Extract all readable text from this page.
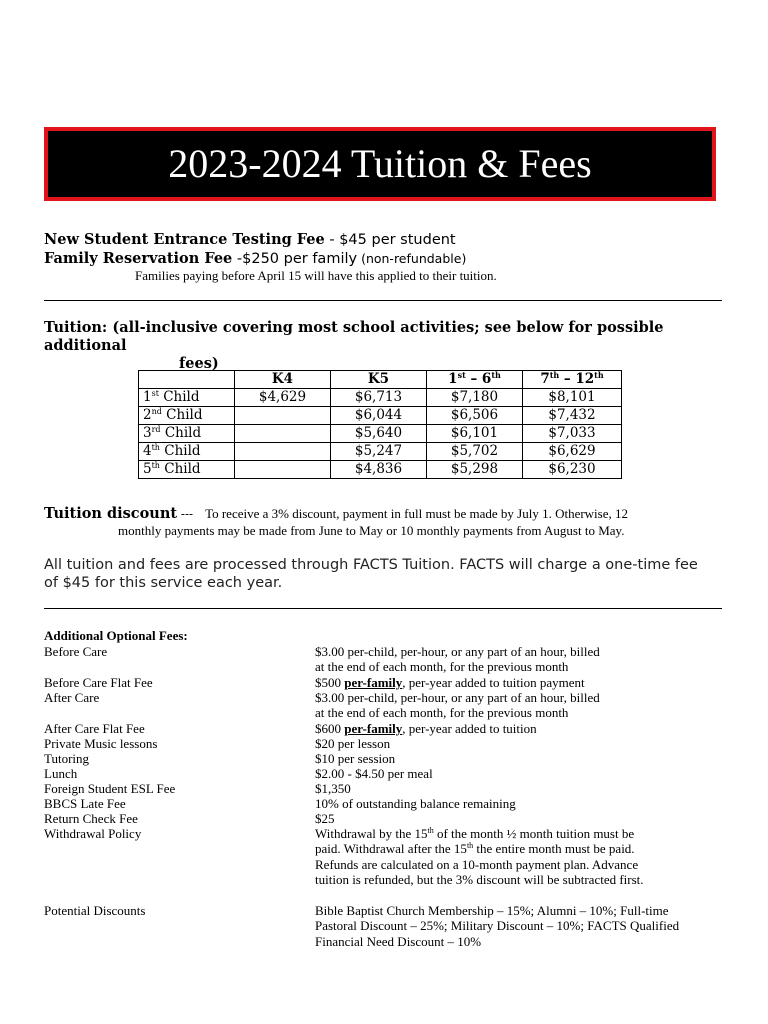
2023-2024 Tuition & Fees
New Student Entrance Testing Fee - $45 per student
Family Reservation Fee -$250 per family (non-refundable)
Families paying before April 15 will have this applied to their tuition.
Tuition: (all-inclusive covering most school activities; see below for possible additional
fees)
	K4	K5	1st – 6th	7th – 12th
1st Child	$4,629	$6,713	$7,180	$8,101
2nd Child		$6,044	$6,506	$7,432
3rd Child		$5,640	$6,101	$7,033
4th Child		$5,247	$5,702	$6,629
5th Child		$4,836	$5,298	$6,230
Tuition discount --- To receive a 3% discount, payment in full must be made by July 1. Otherwise, 12
monthly payments may be made from June to May or 10 monthly payments from August to May.
All tuition and fees are processed through FACTS Tuition. FACTS will charge a one-time fee
of $45 for this service each year.
Additional Optional Fees:
Before Care	$3.00 per-child, per-hour, or any part of an hour, billed
at the end of each month, for the previous month
Before Care Flat Fee	$500 per-family, per-year added to tuition payment
After Care	$3.00 per-child, per-hour, or any part of an hour, billed
at the end of each month, for the previous month
After Care Flat Fee	$600 per-family, per-year added to tuition
Private Music lessons	$20 per lesson
Tutoring	$10 per session
Lunch	$2.00 - $4.50 per meal
Foreign Student ESL Fee	$1,350
BBCS Late Fee	10% of outstanding balance remaining
Return Check Fee	$25
Withdrawal Policy	Withdrawal by the 15th of the month ½ month tuition must be
paid. Withdrawal after the 15th the entire month must be paid.
Refunds are calculated on a 10-month payment plan. Advance
tuition is refunded, but the 3% discount will be subtracted first.
Potential Discounts	Bible Baptist Church Membership – 15%; Alumni – 10%; Full-time
Pastoral Discount – 25%; Military Discount – 10%; FACTS Qualified
Financial Need Discount – 10%
